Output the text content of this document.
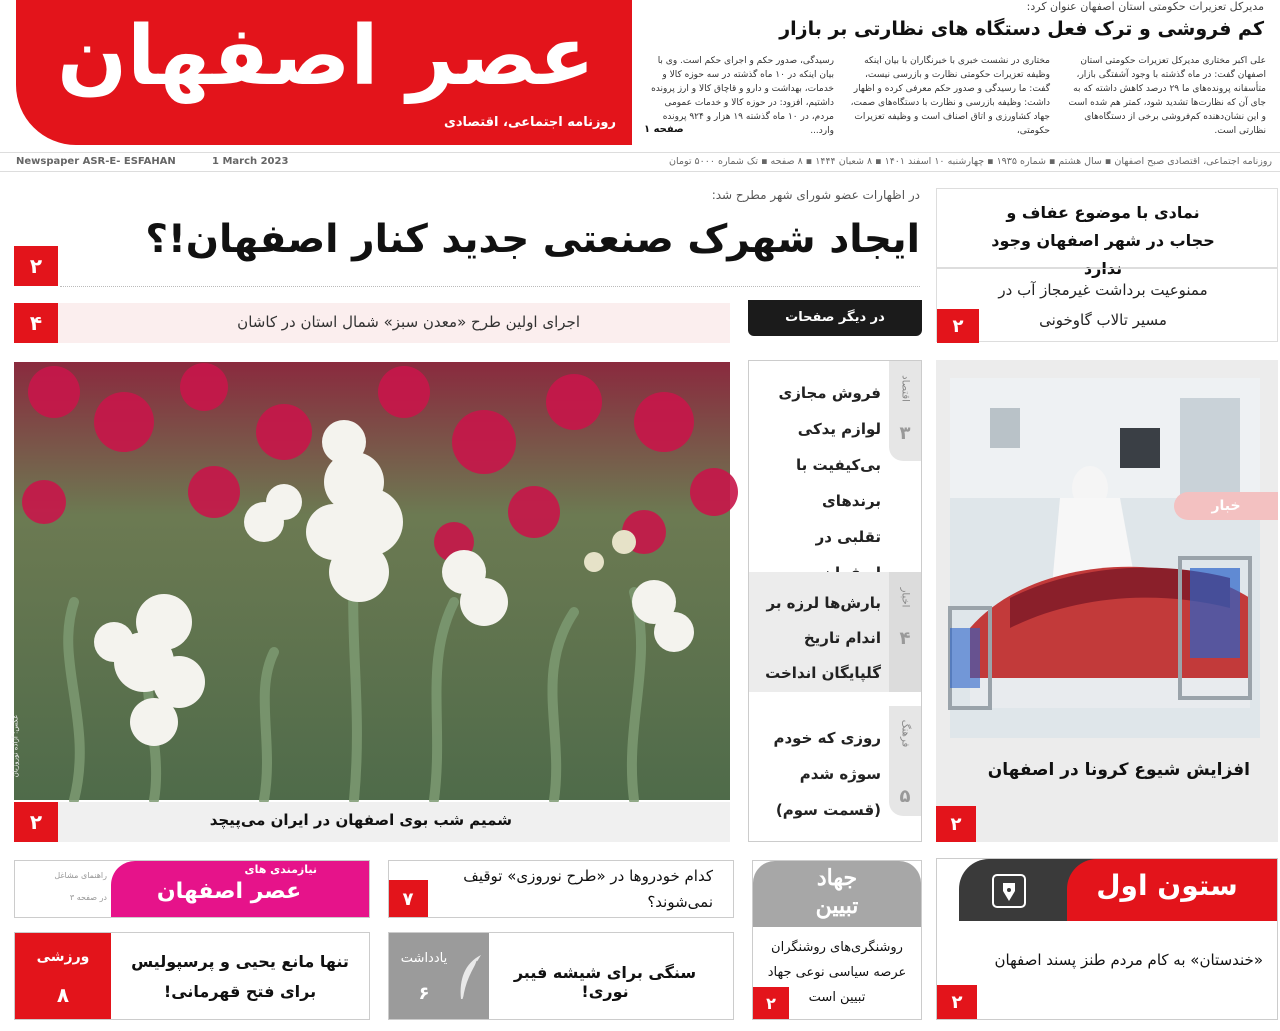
عصر اصفهان
روزنامه اجتماعی، اقتصادی
مدیرکل تعزیرات حکومتی استان اصفهان عنوان کرد:
کم فروشی و ترک فعل دستگاه های نظارتی بر بازار
علی اکبر مختاری مدیرکل تعزیرات حکومتی استان اصفهان گفت: در ماه گذشته با وجود آشفتگی بازار، متأسفانه پرونده‌های ما ۲۹ درصد کاهش داشته که به جای آن که نظارت‌ها تشدید شود، کمتر هم شده است و این نشان‌دهنده کم‌فروشی برخی از دستگاه‌های نظارتی است.
مختاری در نشست خبری با خبرنگاران با بیان اینکه وظیفه تعزیرات حکومتی نظارت و بازرسی نیست، گفت: ما رسیدگی و صدور حکم معرفی کرده و اظهار داشت: وظیفه بازرسی و نظارت با دستگاه‌های صمت، جهاد کشاورزی و اتاق اصناف است و وظیفه تعزیرات حکومتی،
رسیدگی، صدور حکم و اجرای حکم است. وی با بیان اینکه در ۱۰ ماه گذشته در سه حوزه کالا و خدمات، بهداشت و دارو و قاچاق کالا و ارز پرونده داشتیم، افزود: در حوزه کالا و خدمات عمومی مردم، در ۱۰ ماه گذشته ۱۹ هزار و ۹۲۴ پرونده وارد...
صفحه ۱
Newspaper ASR-E- ESFAHAN	1 March 2023	روزنامه اجتماعی، اقتصادی صبح اصفهان ▪ سال هشتم ▪ شماره ۱۹۳۵ ▪ چهارشنبه ۱۰ اسفند ۱۴۰۱ ▪ ۸ شعبان ۱۴۴۴ ▪ ۸ صفحه ▪ تک شماره ۵۰۰۰ تومان
در اظهارات عضو شورای شهر مطرح شد:
۲
ایجاد شهرک صنعتی جدید کنار اصفهان!؟
۴	اجرای اولین طرح «معدن سبز» شمال استان در کاشان	در دیگر صفحات
عکس: آزاده نوروزیان
۲	شمیم شب بوی اصفهان در ایران می‌پیچد
اقتصاد
۳
فروش مجازی لوازم یدکی بی‌کیفیت با برندهای تقلبی در
اخبار
۴
بارش‌ها لرزه بر اندام تاریخ گلپایگان انداخت
فرهنگ
۵
روزی که خودم سوژه شدم (قسمت سوم)
نمادی با موضوع عفاف و حجاب در شهر اصفهان وجود ندارد
ممنوعیت برداشت غیرمجاز آب در مسیر تالاب گاوخونی
۲
خبار
افزایش شیوع کرونا در اصفهان
۲
نیازمندی های
عصر اصفهان
راهنمای مشاغل
در صفحه ۳	۷
کدام خودروها در «طرح نوروزی» توقیف نمی‌شوند؟
جهاد
تبیین
روشنگری‌های روشنگران عرصه سیاسی نوعی جهاد تبیین است
۲
ستون اول
«خندستان» به کام مردم طنز پسند اصفهان
۲
ورزشی
۸
تنها مانع یحیی و پرسپولیس برای فتح قهرمانی!
یادداشت
۶
سنگی برای شیشه فیبر نوری!
